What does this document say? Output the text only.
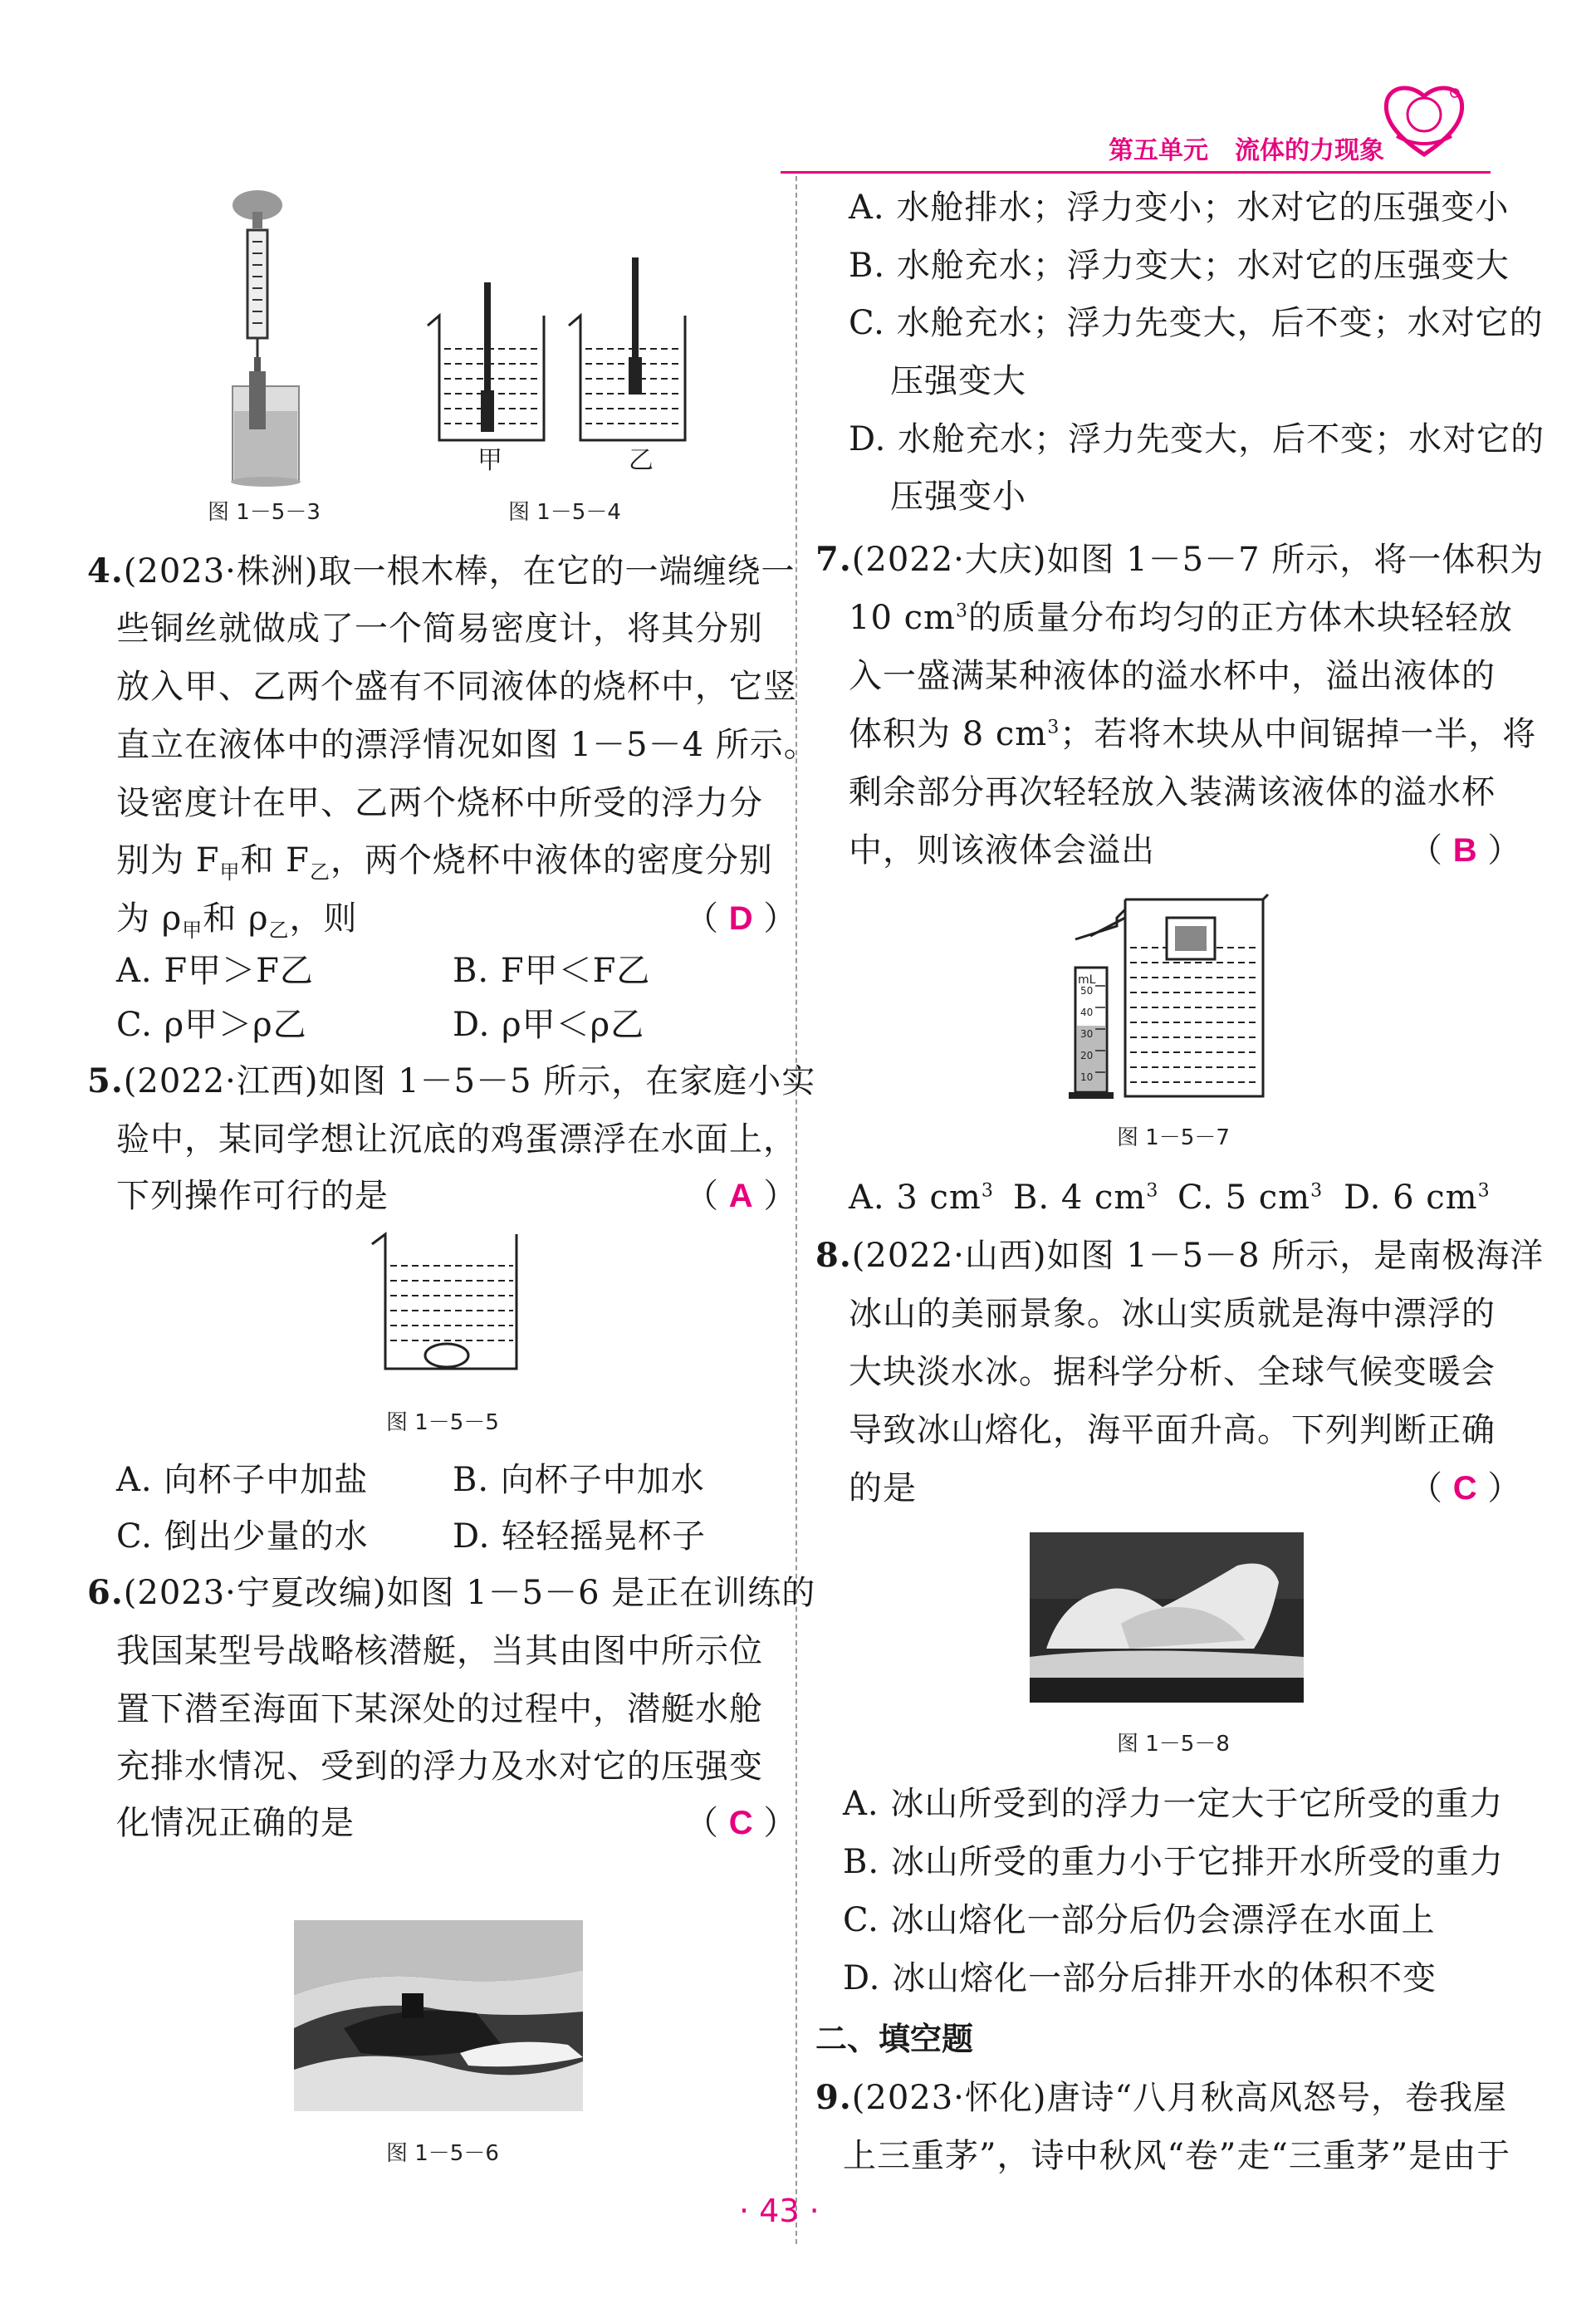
第五单元 流体的力现象
图 1－5－3
甲	乙
图 1－5－4
4.(2023·株洲)取一根木棒，在它的一端缠绕一
些铜丝就做成了一个简易密度计，将其分别
放入甲、乙两个盛有不同液体的烧杯中，它竖
直立在液体中的漂浮情况如图 1－5－4 所示。
设密度计在甲、乙两个烧杯中所受的浮力分
别为 $F_甲$和 $F_乙$，两个烧杯中液体的密度分别
为 $\rho_甲$和 $\rho_乙$，则	（ D ）
A. F甲＞F乙	B. F甲＜F乙
C. ρ甲＞ρ乙	D. ρ甲＜ρ乙
5.(2022·江西)如图 1－5－5 所示，在家庭小实
验中，某同学想让沉底的鸡蛋漂浮在水面上，
下列操作可行的是	（ A ）
图 1－5－5
A. 向杯子中加盐	B. 向杯子中加水
C. 倒出少量的水	D. 轻轻摇晃杯子
6.(2023·宁夏改编)如图 1－5－6 是正在训练的
我国某型号战略核潜艇，当其由图中所示位
置下潜至海面下某深处的过程中，潜艇水舱
充排水情况、受到的浮力及水对它的压强变
化情况正确的是	（ C ）
图 1－5－6
A. 水舱排水；浮力变小；水对它的压强变小
B. 水舱充水；浮力变大；水对它的压强变大
C. 水舱充水；浮力先变大，后不变；水对它的
压强变大
D. 水舱充水；浮力先变大，后不变；水对它的
压强变小
7.(2022·大庆)如图 1－5－7 所示，将一体积为
10 $cm^3$的质量分布均匀的正方体木块轻轻放
入一盛满某种液体的溢水杯中，溢出液体的
体积为 8 $cm^3$；若将木块从中间锯掉一半，将
剩余部分再次轻轻放入装满该液体的溢水杯
中，则该液体会溢出	（ B ）
mL
50
40
30
20
10
图 1－5－7
A. 3 $cm^3$ B. 4 $cm^3$ C. 5 $cm^3$ D. 6 $cm^3$
8.(2022·山西)如图 1－5－8 所示，是南极海洋
冰山的美丽景象。冰山实质就是海中漂浮的
大块淡水冰。据科学分析、全球气候变暖会
导致冰山熔化，海平面升高。下列判断正确
的是	（ C ）
图 1－5－8
A. 冰山所受到的浮力一定大于它所受的重力
B. 冰山所受的重力小于它排开水所受的重力
C. 冰山熔化一部分后仍会漂浮在水面上
D. 冰山熔化一部分后排开水的体积不变
二、填空题
9.(2023·怀化)唐诗“八月秋高风怒号，卷我屋
上三重茅”，诗中秋风“卷”走“三重茅”是由于
· 43 ·
